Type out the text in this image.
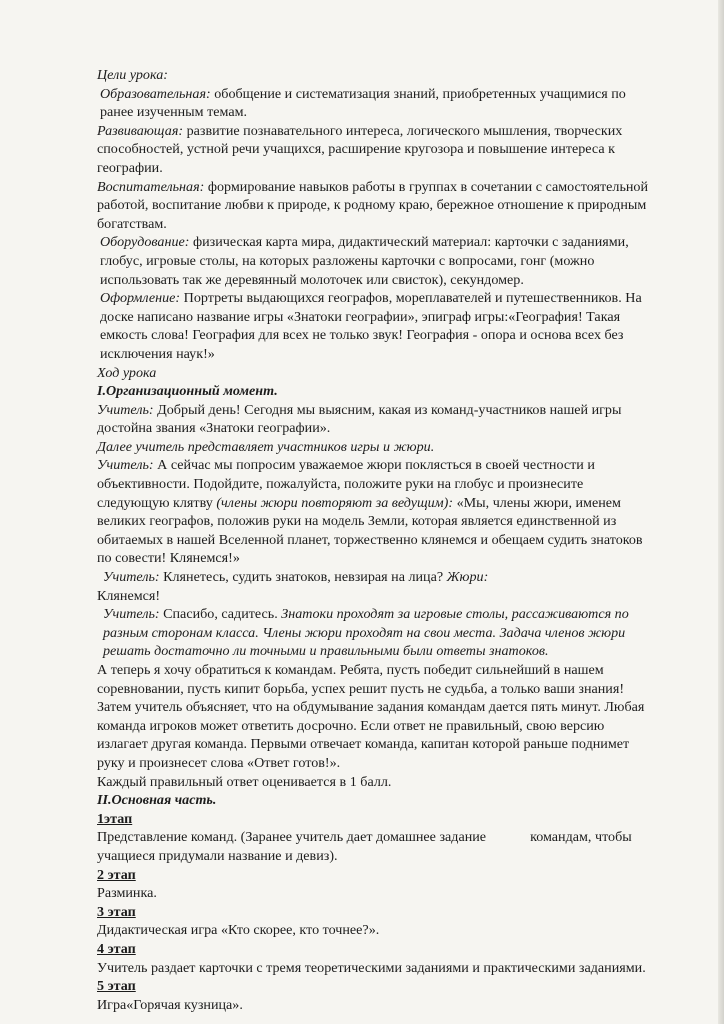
Цели урока:

Образовательная: обобщение и систематизация знаний, приобретенных учащимися по ранее изученным темам.

Развивающая: развитие познавательного интереса, логического мышления, творческих способностей, устной речи учащихся, расширение кругозора и повышение интереса к географии.

Воспитательная: формирование навыков работы в группах в сочетании с самостоятельной работой, воспитание любви к природе, к родному краю, бережное отношение к природным богатствам.

Оборудование: физическая карта мира, дидактический материал: карточки с заданиями, глобус, игровые столы, на которых разложены карточки с вопросами, гонг (можно использовать так же деревянный молоточек или свисток), секундомер.

Оформление: Портреты выдающихся географов, мореплавателей и путешественников. На доске написано название игры «Знатоки географии», эпиграф игры:«География! Такая емкость слова! География для всех не только звук! География - опора и основа всех без исключения наук!»

Ход урока

I.Организационный момент.

Учитель: Добрый день! Сегодня мы выясним, какая из команд-участников нашей игры достойна звания «Знатоки географии».

Далее учитель представляет участников игры и жюри.

Учитель: А сейчас мы попросим уважаемое жюри поклясться в своей честности и объективности. Подойдите, пожалуйста, положите руки на глобус и произнесите следующую клятву (члены жюри повторяют за ведущим): «Мы, члены жюри, именем великих географов, положив руки на модель Земли, которая является единственной из обитаемых в нашей Вселенной планет, торжественно клянемся и обещаем судить знатоков по совести! Клянемся!»

Учитель: Клянетесь, судить знатоков, невзирая на лица? Жюри:

Клянемся!

Учитель: Спасибо, садитесь. Знатоки проходят за игровые столы, рассаживаются по разным сторонам класса. Члены жюри проходят на свои места. Задача членов жюри решать достаточно ли точными и правильными были ответы знатоков.

А теперь я хочу обратиться к командам. Ребята, пусть победит сильнейший в нашем соревновании, пусть кипит борьба, успех решит пусть не судьба, а только ваши знания! Затем учитель объясняет, что на обдумывание задания командам дается пять минут. Любая команда игроков может ответить досрочно. Если ответ не правильный, свою версию излагает другая команда. Первыми отвечает команда, капитан которой раньше поднимет руку и произнесет слова «Ответ готов!».

Каждый правильный ответ оценивается в 1 балл.

II.Основная часть.

1этап

Представление команд. (Заранее учитель дает домашнее задание	командам, чтобы учащиеся придумали название и девиз).

2 этап

Разминка.

3 этап

Дидактическая игра «Кто скорее, кто точнее?».

4 этап

Учитель раздает карточки с тремя теоретическими заданиями и практическими заданиями.

5 этап

Игра«Горячая кузница».
